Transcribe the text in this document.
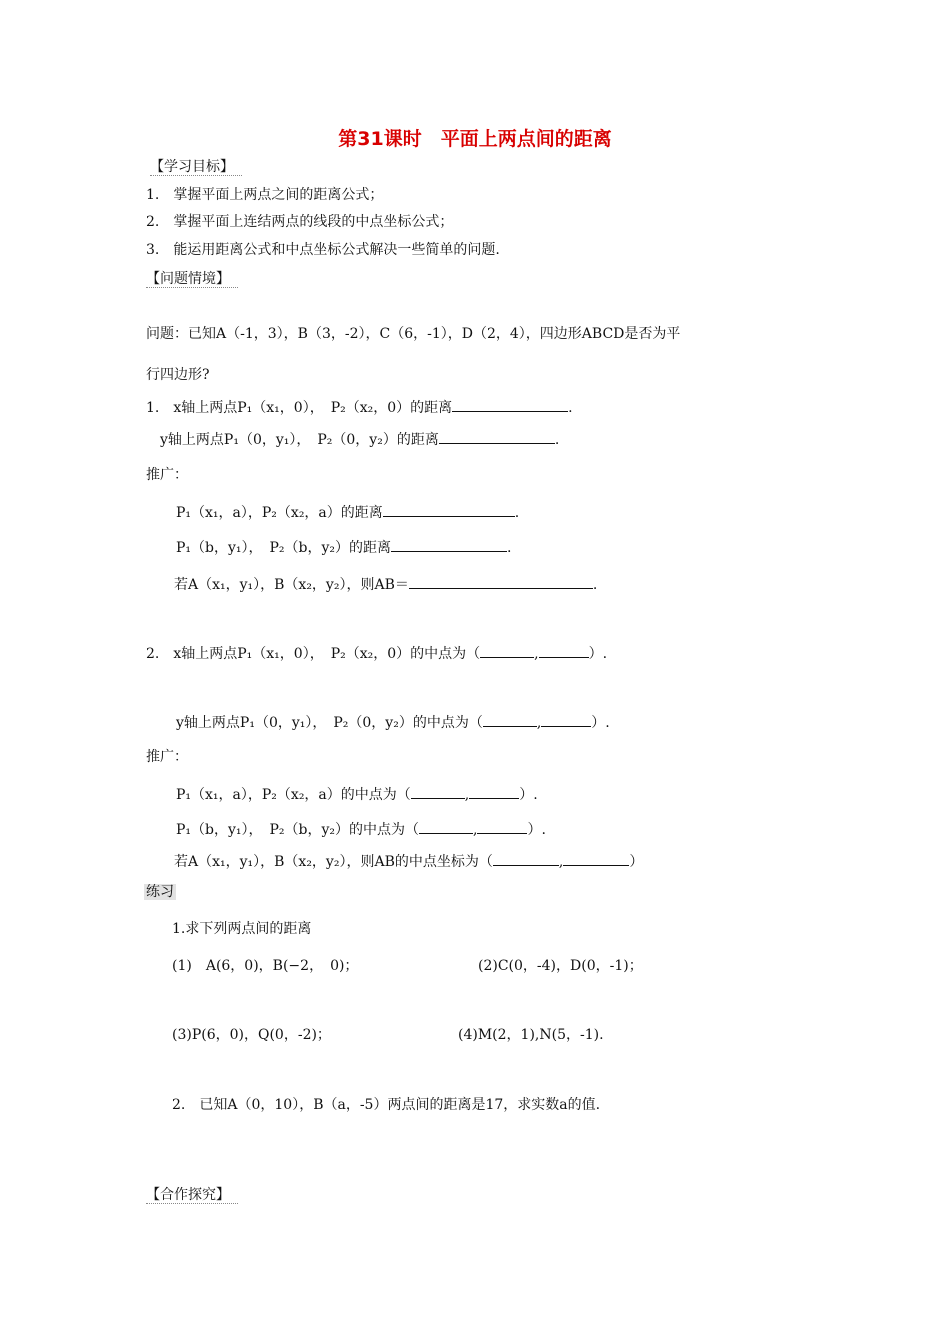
第31课时　平面上两点间的距离
【学习目标】
1.　掌握平面上两点之间的距离公式；
2.　掌握平面上连结两点的线段的中点坐标公式；
3.　能运用距离公式和中点坐标公式解决一些简单的问题.
【问题情境】
问题：已知A（-1，3），B（3，-2），C（6，-1），D（2，4），四边形ABCD是否为平
行四边形?
1.　x轴上两点P₁（x₁，0），　P₂（x₂，0）的距离	.
y轴上两点P₁（0，y₁），　P₂（0，y₂）的距离	.
推广：
P₁（x₁，a），P₂（x₂，a）的距离	.
P₁（b，y₁），　P₂（b，y₂）的距离	.
若A（x₁，y₁），B（x₂，y₂），则AB＝	.
2.　x轴上两点P₁（x₁，0），　P₂（x₂，0）的中点为（	,	）.
y轴上两点P₁（0，y₁），　P₂（0，y₂）的中点为（	,	）.
推广：
P₁（x₁，a），P₂（x₂，a）的中点为（	,	）.
P₁（b，y₁），　P₂（b，y₂）的中点为（	,	）.
若A（x₁，y₁），B（x₂，y₂），则AB的中点坐标为（	,	）
练习
1.求下列两点间的距离
(1)　A(6，0)，B(−2，　0)；	(2)C(0，-4)，D(0，-1)；
(3)P(6，0)，Q(0，-2)；	(4)M(2，1),N(5，-1).
2.　已知A（0，10），B（a，-5）两点间的距离是17，求实数a的值.
【合作探究】
